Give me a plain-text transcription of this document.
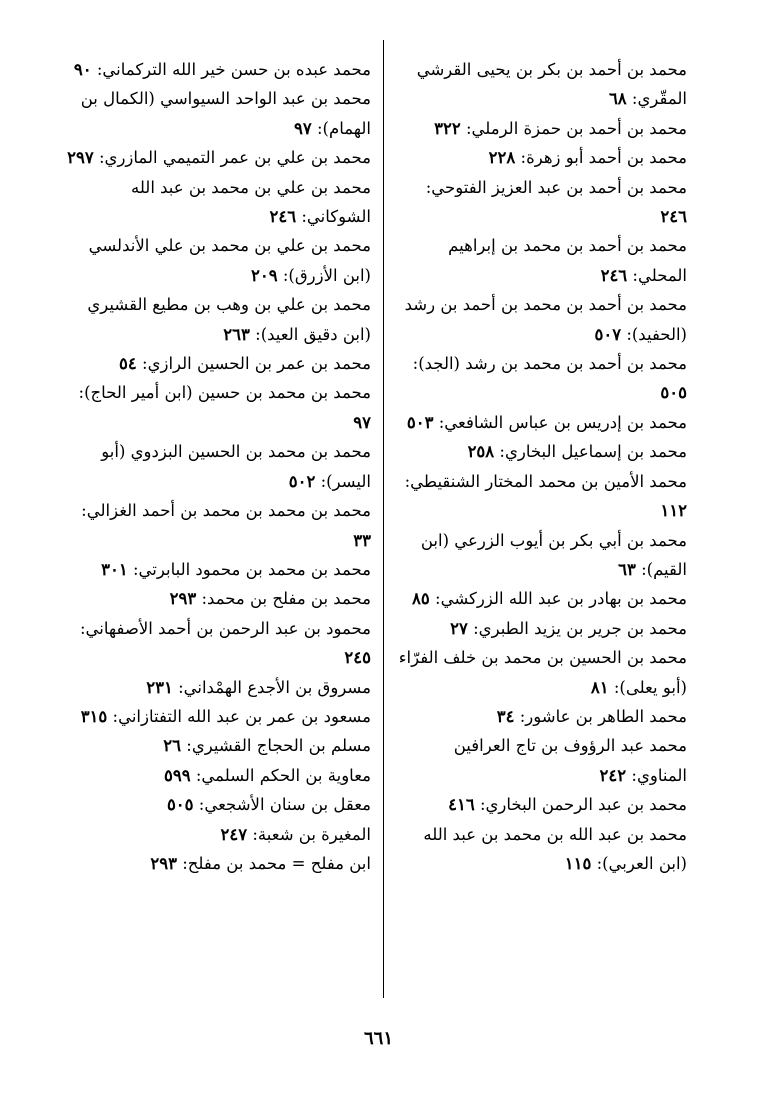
محمد بن أحمد بن بكر بن يحيى القرشي المقّري: ٦٨

محمد بن أحمد بن حمزة الرملي: ٣٢٢

محمد بن أحمد أبو زهرة: ٢٢٨

محمد بن أحمد بن عبد العزيز الفتوحي: ٢٤٦

محمد بن أحمد بن محمد بن إبراهيم المحلي: ٢٤٦

محمد بن أحمد بن محمد بن أحمد بن رشد (الحفيد): ٥٠٧

محمد بن أحمد بن محمد بن رشد (الجد): ٥٠٥

محمد بن إدريس بن عباس الشافعي: ٥٠٣

محمد بن إسماعيل البخاري: ٢٥٨

محمد الأمين بن محمد المختار الشنقيطي: ١١٢

محمد بن أبي بكر بن أيوب الزرعي (ابن القيم): ٦٣

محمد بن بهادر بن عبد الله الزركشي: ٨٥

محمد بن جرير بن يزيد الطبري: ٢٧

محمد بن الحسين بن محمد بن خلف الفرّاء (أبو يعلى): ٨١

محمد الطاهر بن عاشور: ٣٤

محمد عبد الرؤوف بن تاج العرافين المناوي: ٢٤٢

محمد بن عبد الرحمن البخاري: ٤١٦

محمد بن عبد الله بن محمد بن عبد الله (ابن العربي): ١١٥

محمد عبده بن حسن خير الله التركماني: ٩٠

محمد بن عبد الواحد السيواسي (الكمال بن الهمام): ٩٧

محمد بن علي بن عمر التميمي المازري: ٢٩٧

محمد بن علي بن محمد بن عبد الله الشوكاني: ٢٤٦

محمد بن علي بن محمد بن علي الأندلسي (ابن الأزرق): ٢٠٩

محمد بن علي بن وهب بن مطيع القشيري (ابن دقيق العيد): ٢٦٣

محمد بن عمر بن الحسين الرازي: ٥٤

محمد بن محمد بن حسين (ابن أمير الحاج): ٩٧

محمد بن محمد بن الحسين البزدوي (أبو اليسر): ٥٠٢

محمد بن محمد بن محمد بن أحمد الغزالي: ٣٣

محمد بن محمد بن محمود البابرتي: ٣٠١

محمد بن مفلح بن محمد: ٢٩٣

محمود بن عبد الرحمن بن أحمد الأصفهاني: ٢٤٥

مسروق بن الأجدع الهمْداني: ٢٣١

مسعود بن عمر بن عبد الله التفتازاني: ٣١٥

مسلم بن الحجاج القشيري: ٢٦

معاوية بن الحكم السلمي: ٥٩٩

معقل بن سنان الأشجعي: ٥٠٥

المغيرة بن شعبة: ٢٤٧

ابن مفلح = محمد بن مفلح: ٢٩٣

٦٦١
